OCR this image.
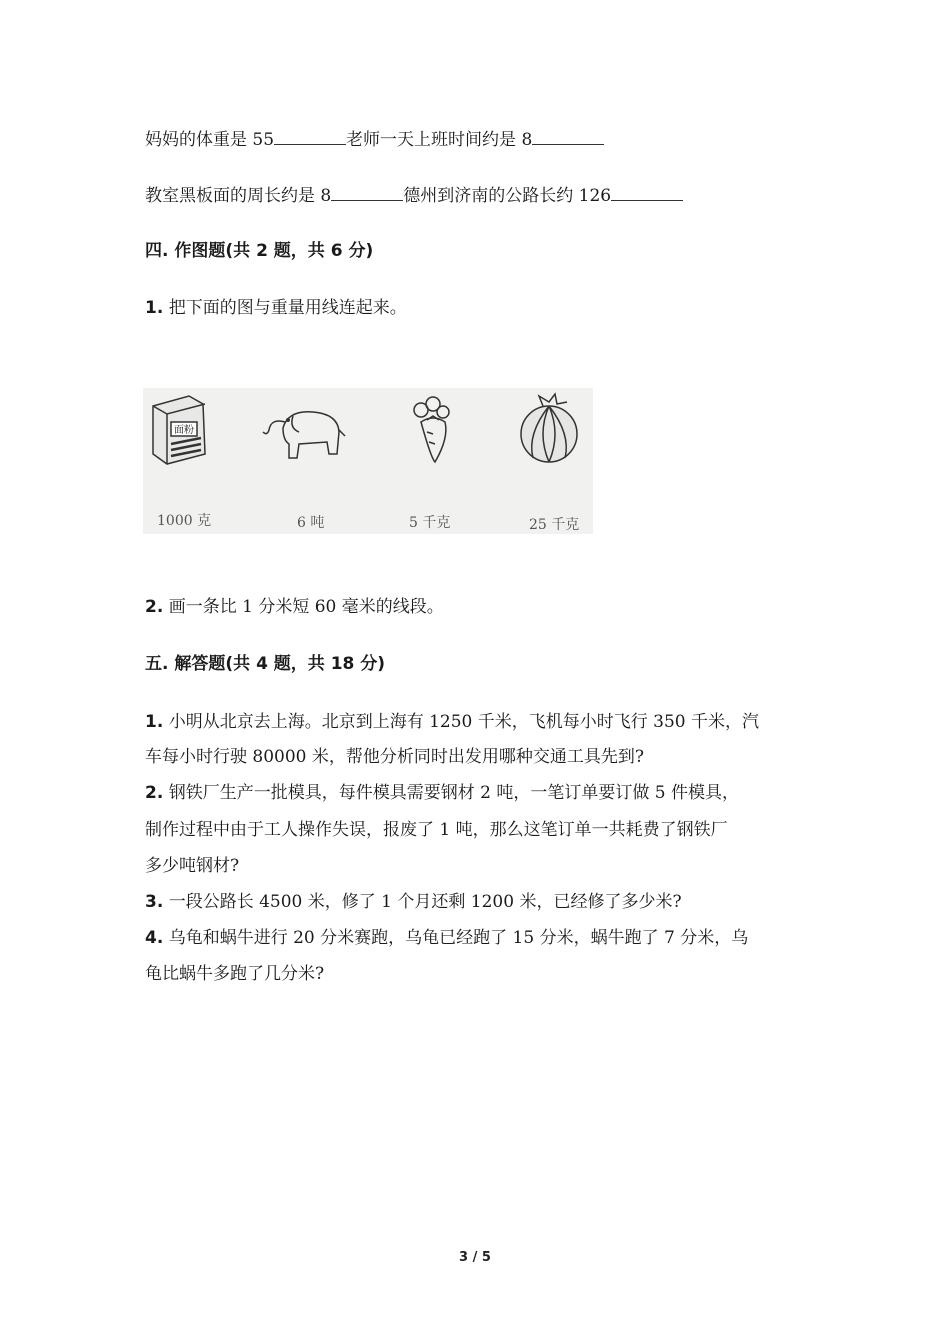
妈妈的体重是 55	老师一天上班时间约是 8
教室黑板面的周长约是 8	德州到济南的公路长约 126
四. 作图题(共 2 题，共 6 分)
1. 把下面的图与重量用线连起来。
面粉
1000 克	6 吨	5 千克	25 千克
2. 画一条比 1 分米短 60 毫米的线段。
五. 解答题(共 4 题，共 18 分)
1. 小明从北京去上海。北京到上海有 1250 千米，飞机每小时飞行 350 千米，汽
车每小时行驶 80000 米，帮他分析同时出发用哪种交通工具先到?
2. 钢铁厂生产一批模具，每件模具需要钢材 2 吨，一笔订单要订做 5 件模具，
制作过程中由于工人操作失误，报废了 1 吨，那么这笔订单一共耗费了钢铁厂
多少吨钢材?
3. 一段公路长 4500 米，修了 1 个月还剩 1200 米，已经修了多少米?
4. 乌龟和蜗牛进行 20 分米赛跑，乌龟已经跑了 15 分米，蜗牛跑了 7 分米，乌
龟比蜗牛多跑了几分米?
3 / 5
